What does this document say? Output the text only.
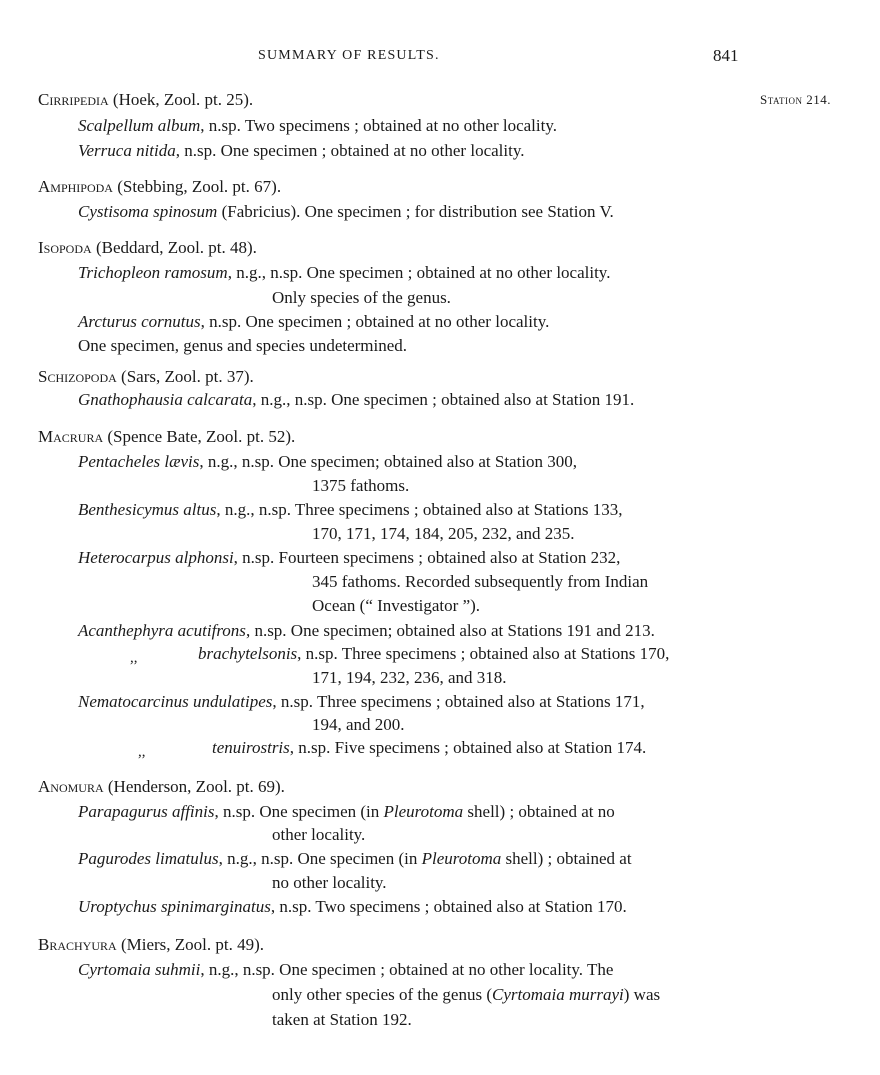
SUMMARY OF RESULTS.	841
Station 214.
Cirripedia (Hoek, Zool. pt. 25).
Scalpellum album, n.sp. Two specimens ; obtained at no other locality.
Verruca nitida, n.sp. One specimen ; obtained at no other locality.
Amphipoda (Stebbing, Zool. pt. 67).
Cystisoma spinosum (Fabricius). One specimen ; for distribution see Station V.
Isopoda (Beddard, Zool. pt. 48).
Trichopleon ramosum, n.g., n.sp. One specimen ; obtained at no other locality.
Only species of the genus.
Arcturus cornutus, n.sp. One specimen ; obtained at no other locality.
One specimen, genus and species undetermined.
Schizopoda (Sars, Zool. pt. 37).
Gnathophausia calcarata, n.g., n.sp. One specimen ; obtained also at Station 191.
Macrura (Spence Bate, Zool. pt. 52).
Pentacheles lævis, n.g., n.sp. One specimen; obtained also at Station 300,
1375 fathoms.
Benthesicymus altus, n.g., n.sp. Three specimens ; obtained also at Stations 133,
170, 171, 174, 184, 205, 232, and 235.
Heterocarpus alphonsi, n.sp. Fourteen specimens ; obtained also at Station 232,
345 fathoms. Recorded subsequently from Indian
Ocean (“ Investigator ”).
Acanthephyra acutifrons, n.sp. One specimen; obtained also at Stations 191 and 213.
,,	brachytelsonis, n.sp. Three specimens ; obtained also at Stations 170,
171, 194, 232, 236, and 318.
Nematocarcinus undulatipes, n.sp. Three specimens ; obtained also at Stations 171,
194, and 200.
,,	tenuirostris, n.sp. Five specimens ; obtained also at Station 174.
Anomura (Henderson, Zool. pt. 69).
Parapagurus affinis, n.sp. One specimen (in Pleurotoma shell) ; obtained at no
other locality.
Pagurodes limatulus, n.g., n.sp. One specimen (in Pleurotoma shell) ; obtained at
no other locality.
Uroptychus spinimarginatus, n.sp. Two specimens ; obtained also at Station 170.
Brachyura (Miers, Zool. pt. 49).
Cyrtomaia suhmii, n.g., n.sp. One specimen ; obtained at no other locality. The
only other species of the genus (Cyrtomaia murrayi) was
taken at Station 192.
